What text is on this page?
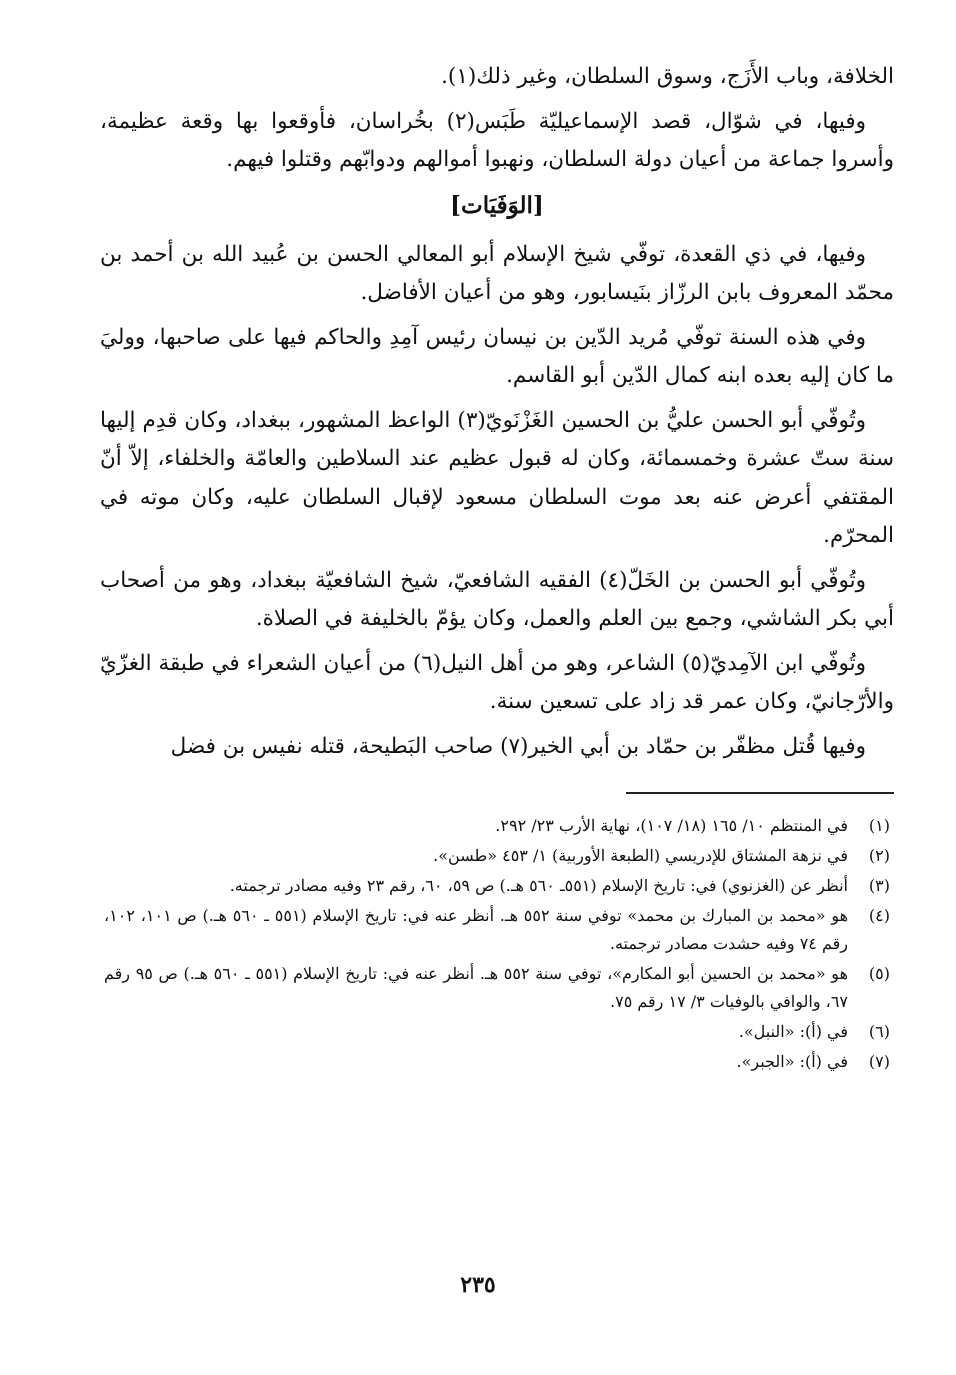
الخلافة، وباب الأَزَج، وسوق السلطان، وغير ذلك(١).

وفيها، في شوّال، قصد الإسماعيليّة طَبَس(٢) بخُراسان، فأوقعوا بها وقعة عظيمة، وأسروا جماعة من أعيان دولة السلطان، ونهبوا أموالهم ودوابّهم وقتلوا فيهم.

[الوَفَيَات]

وفيها، في ذي القعدة، توفّي شيخ الإسلام أبو المعالي الحسن بن عُبيد الله بن أحمد بن محمّد المعروف بابن الرزّاز بنَيسابور، وهو من أعيان الأفاضل.

وفي هذه السنة توفّي مُريد الدّين بن نيسان رئيس آمِدِ والحاكم فيها على صاحبها، ووليَ ما كان إليه بعده ابنه كمال الدّين أبو القاسم.

وتُوفّي أبو الحسن عليُّ بن الحسين الغَزْنَويّ(٣) الواعظ المشهور، ببغداد، وكان قدِم إليها سنة ستّ عشرة وخمسمائة، وكان له قبول عظيم عند السلاطين والعامّة والخلفاء، إلاّ أنّ المقتفي أعرض عنه بعد موت السلطان مسعود لإقبال السلطان عليه، وكان موته في المحرّم.

وتُوفّي أبو الحسن بن الخَلّ(٤) الفقيه الشافعيّ، شيخ الشافعيّة ببغداد، وهو من أصحاب أبي بكر الشاشي، وجمع بين العلم والعمل، وكان يؤمّ بالخليفة في الصلاة.

وتُوفّي ابن الآمِديّ(٥) الشاعر، وهو من أهل النيل(٦) من أعيان الشعراء في طبقة الغزّيّ والأرّجانيّ، وكان عمر قد زاد على تسعين سنة.

وفيها قُتل مظفّر بن حمّاد بن أبي الخير(٧) صاحب البَطيحة، قتله نفيس بن فضل

(١)
في المنتظم ١٠/ ١٦٥ (١٨/ ١٠٧)، نهاية الأرب ٢٣/ ٢٩٢.
(٢)
في نزهة المشتاق للإدريسي (الطبعة الأوربية) ١/ ٤٥٣ «طسن».
(٣)
أنظر عن (الغزنوي) في: تاريخ الإسلام (٥٥١ـ ٥٦٠ هـ.) ص ٥٩، ٦٠، رقم ٢٣ وفيه مصادر ترجمته.
(٤)
هو «محمد بن المبارك بن محمد» توفي سنة ٥٥٢ هـ. أنظر عنه في: تاريخ الإسلام (٥٥١ ـ ٥٦٠ هـ.) ص ١٠١، ١٠٢، رقم ٧٤ وفيه حشدت مصادر ترجمته.
(٥)
هو «محمد بن الحسين أبو المكارم»، توفي سنة ٥٥٢ هـ. أنظر عنه في: تاريخ الإسلام (٥٥١ ـ ٥٦٠ هـ.) ص ٩٥ رقم ٦٧، والوافي بالوفيات ٣/ ١٧ رقم ٧٥.
(٦)
في (أ): «النبل».
(٧)
في (أ): «الجبر».
٢٣٥
